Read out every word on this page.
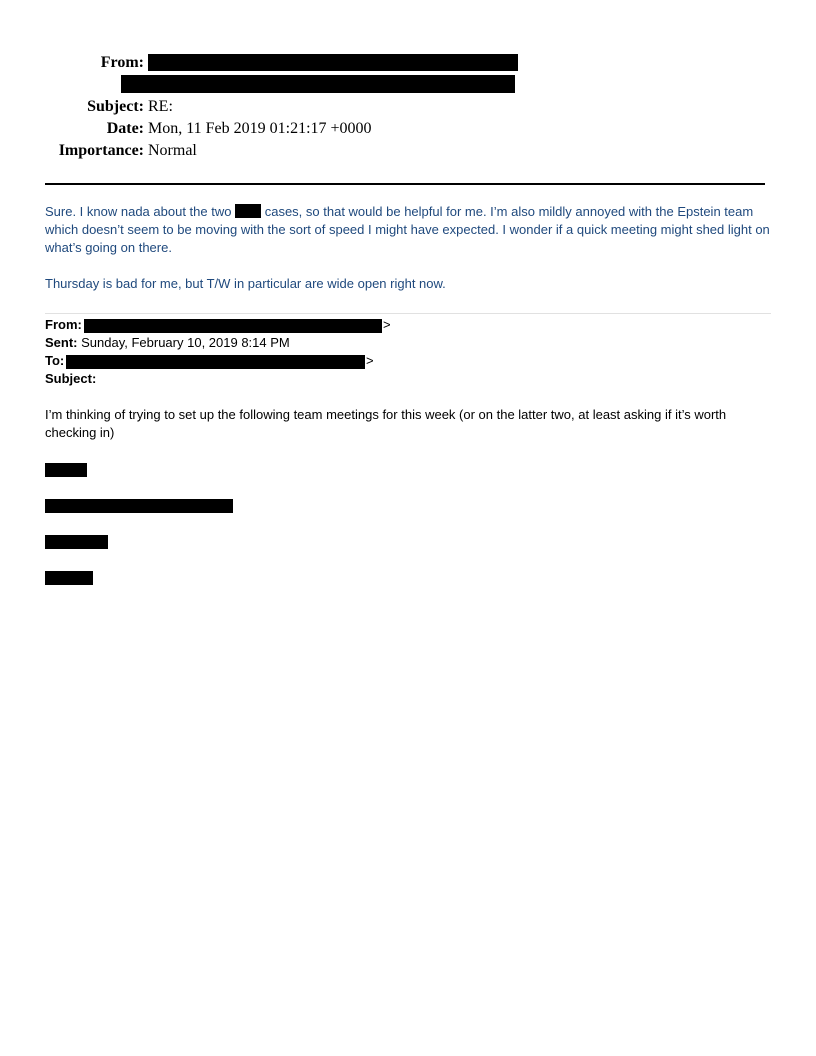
From:
Subject: RE:
Date: Mon, 11 Feb 2019 01:21:17 +0000
Importance: Normal
Sure. I know nada about the two	cases, so that would be helpful for me. I’m also mildly annoyed with the Epstein team which doesn’t seem to be moving with the sort of speed I might have expected. I wonder if a quick meeting might shed light on what’s going on there.
Thursday is bad for me, but T/W in particular are wide open right now.
From:	>
Sent: Sunday, February 10, 2019 8:14 PM
To:	>
Subject:
I’m thinking of trying to set up the following team meetings for this week (or on the latter two, at least asking if it’s worth checking in)
